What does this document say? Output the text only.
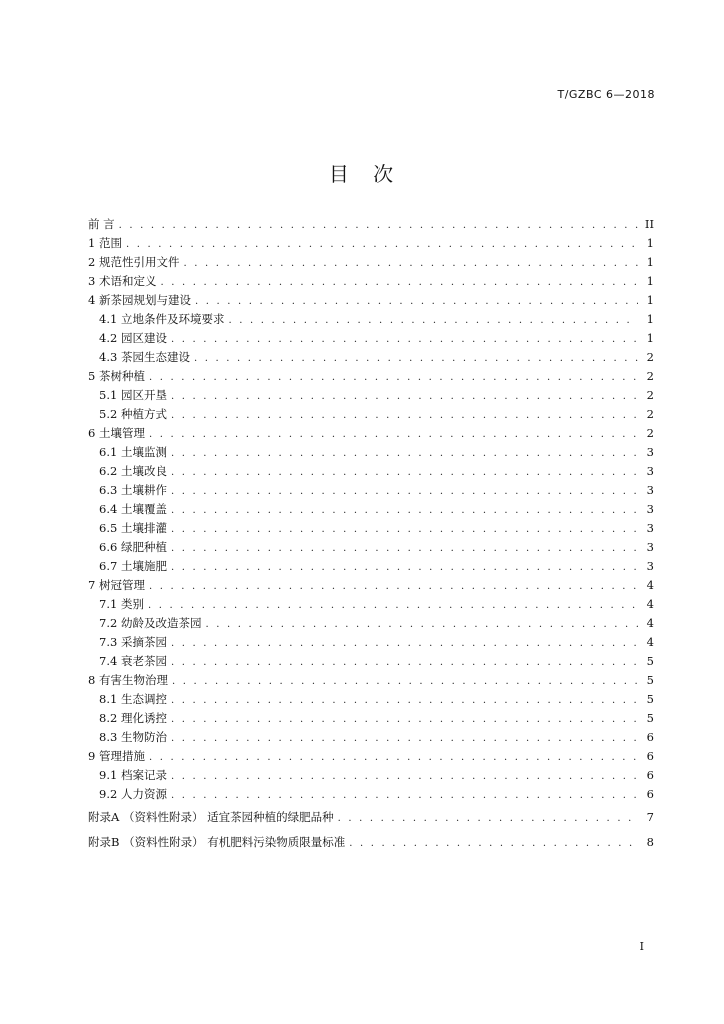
T/GZBC 6—2018
目 次
前 言 . . .	II
1 范围 . . .	1
2 规范性引用文件 . . .	1
3 术语和定义 . . .	1
4 新茶园规划与建设 . . .	1
4.1 立地条件及环境要求 . . .	1
4.2 园区建设 . . .	1
4.3 茶园生态建设 . . .	2
5 茶树种植 . . .	2
5.1 园区开垦 . . .	2
5.2 种植方式 . . .	2
6 土壤管理 . . .	2
6.1 土壤监测 . . .	3
6.2 土壤改良 . . .	3
6.3 土壤耕作 . . .	3
6.4 土壤覆盖 . . .	3
6.5 土壤排灌 . . .	3
6.6 绿肥种植 . . .	3
6.7 土壤施肥 . . .	3
7 树冠管理 . . .	4
7.1 类别 . . .	4
7.2 幼龄及改造茶园 . . .	4
7.3 采摘茶园 . . .	4
7.4 衰老茶园 . . .	5
8 有害生物治理 . . .	5
8.1 生态调控 . . .	5
8.2 理化诱控 . . .	5
8.3 生物防治 . . .	6
9 管理措施 . . .	6
9.1 档案记录 . . .	6
9.2 人力资源 . . .	6
附录A （资料性附录） 适宜茶园种植的绿肥品种 . . .	7
附录B （资料性附录） 有机肥料污染物质限量标准 . . .	8
I
